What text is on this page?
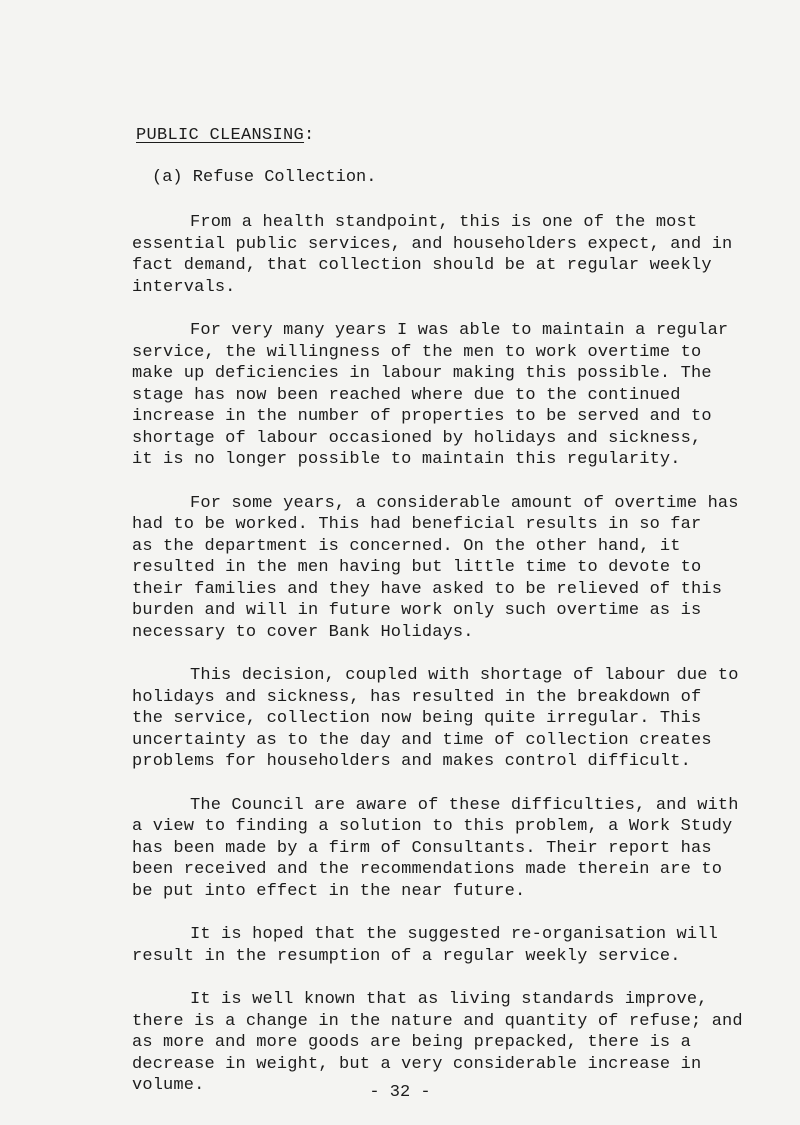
PUBLIC CLEANSING:
(a) Refuse Collection.

From a health standpoint, this is one of the most
essential public services, and householders expect, and in
fact demand, that collection should be at regular weekly
intervals.

For very many years I was able to maintain a regular
service, the willingness of the men to work overtime to
make up deficiencies in labour making this possible. The
stage has now been reached where due to the continued
increase in the number of properties to be served and to
shortage of labour occasioned by holidays and sickness,
it is no longer possible to maintain this regularity.

For some years, a considerable amount of overtime has
had to be worked. This had beneficial results in so far
as the department is concerned. On the other hand, it
resulted in the men having but little time to devote to
their families and they have asked to be relieved of this
burden and will in future work only such overtime as is
necessary to cover Bank Holidays.

This decision, coupled with shortage of labour due to
holidays and sickness, has resulted in the breakdown of
the service, collection now being quite irregular. This
uncertainty as to the day and time of collection creates
problems for householders and makes control difficult.

The Council are aware of these difficulties, and with
a view to finding a solution to this problem, a Work Study
has been made by a firm of Consultants. Their report has
been received and the recommendations made therein are to
be put into effect in the near future.

It is hoped that the suggested re-organisation will
result in the resumption of a regular weekly service.

It is well known that as living standards improve,
there is a change in the nature and quantity of refuse; and
as more and more goods are being prepacked, there is a
decrease in weight, but a very considerable increase in
volume.	- 32 -
